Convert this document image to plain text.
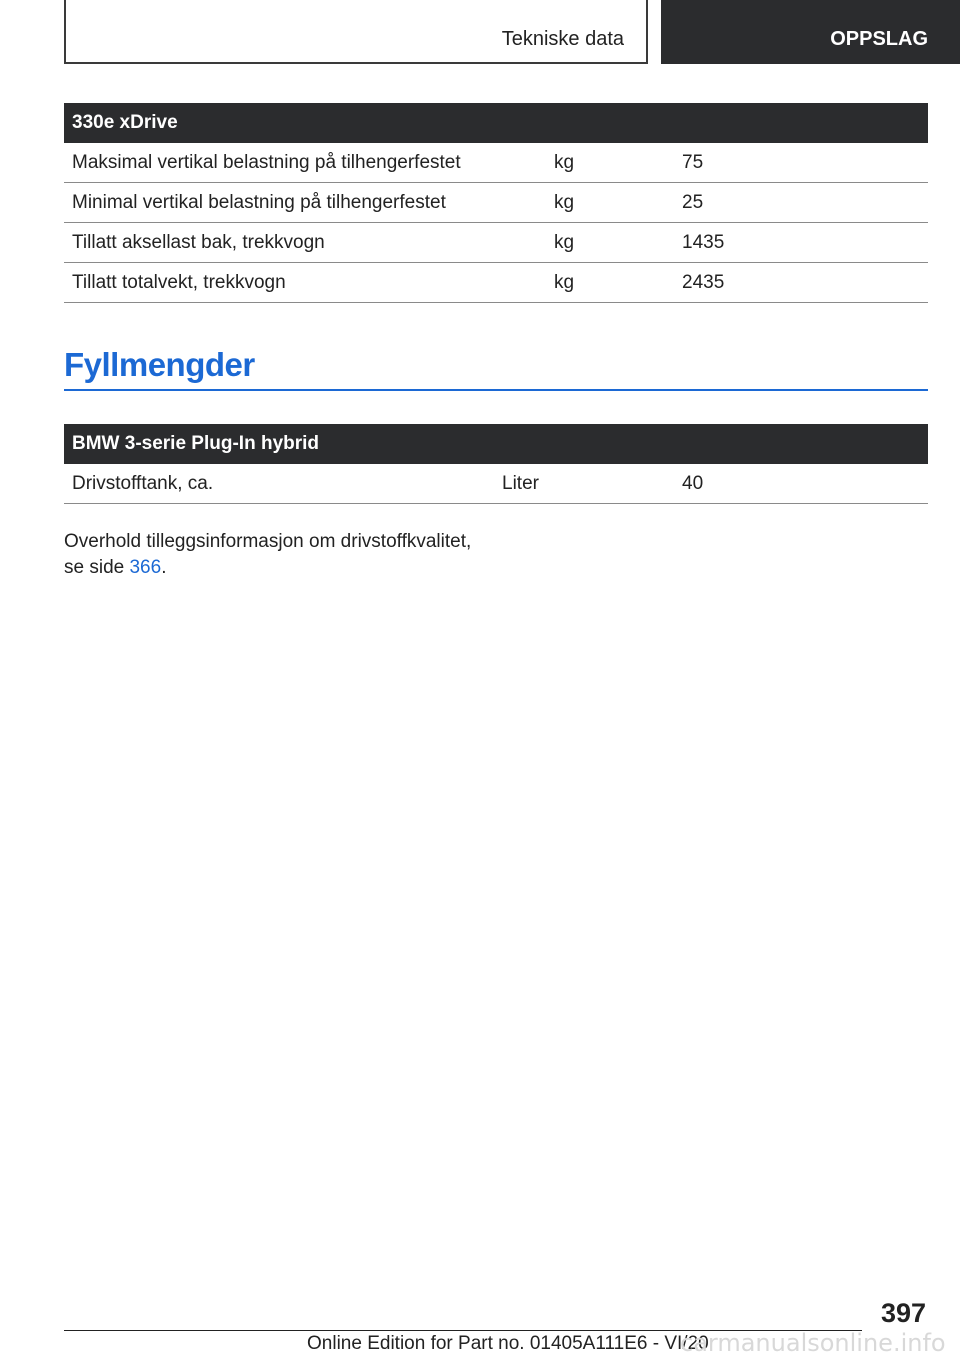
Tekniske data	OPPSLAG
330e xDrive		
Maksimal vertikal belastning på tilhengerfestet	kg	75
Minimal vertikal belastning på tilhengerfestet	kg	25
Tillatt aksellast bak, trekkvogn	kg	1435
Tillatt totalvekt, trekkvogn	kg	2435
Fyllmengder
BMW 3-serie Plug-In hybrid
Drivstofftank, ca.	Liter	40
Overhold tilleggsinformasjon om drivstoffkvalitet,
se side 366.
397
Online Edition for Part no. 01405A111E6 - VI/20
carmanualsonline.info
